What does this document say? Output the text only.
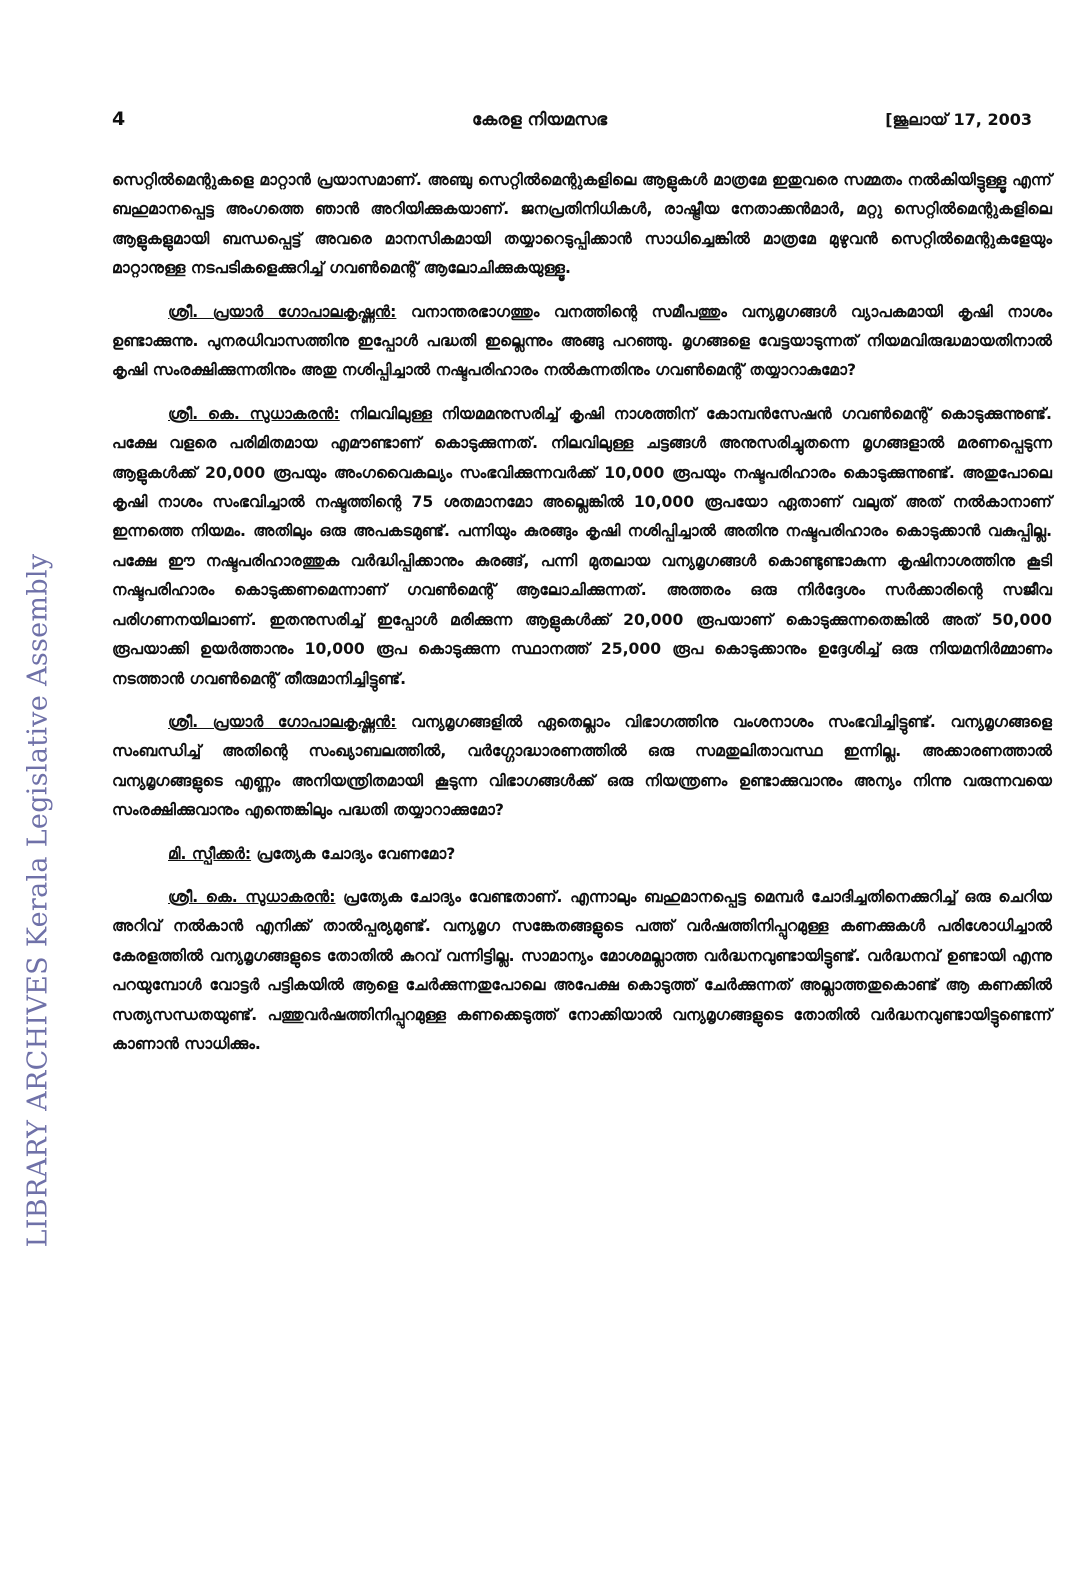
LIBRARY ARCHIVES Kerala Legislative Assembly
4	കേരള നിയമസഭ	[ജൂലായ് 17, 2003

സെറ്റിൽമെന്റുകളെ മാറ്റാൻ പ്രയാസമാണ്. അഞ്ചു സെറ്റിൽമെന്റുകളിലെ ആളുകൾ മാത്രമേ ഇതുവരെ സമ്മതം നൽകിയിട്ടുള്ളൂ എന്ന് ബഹുമാനപ്പെട്ട അംഗത്തെ ഞാൻ അറിയിക്കുകയാണ്. ജനപ്രതിനിധികൾ, രാഷ്ട്രീയ നേതാക്കൻമാർ, മറ്റു സെറ്റിൽമെന്റുകളിലെ ആളുകളുമായി ബന്ധപ്പെട്ട് അവരെ മാനസികമായി തയ്യാറെടുപ്പിക്കാൻ സാധിച്ചെങ്കിൽ മാത്രമേ മുഴുവൻ സെറ്റിൽമെന്റുകളേയും മാറ്റാനുള്ള നടപടികളെക്കുറിച്ച് ഗവൺമെന്റ് ആലോചിക്കുകയുള്ളൂ.

ശ്രീ. പ്രയാർ ഗോപാലകൃഷ്ണൻ: വനാന്തരഭാഗത്തും വനത്തിന്റെ സമീപത്തും വന്യമൃഗങ്ങൾ വ്യാപകമായി കൃഷി നാശം ഉണ്ടാക്കുന്നു. പുനരധിവാസത്തിനു ഇപ്പോൾ പദ്ധതി ഇല്ലെന്നും അങ്ങു പറഞ്ഞു. മൃഗങ്ങളെ വേട്ടയാടുന്നത് നിയമവിരുദ്ധമായതിനാൽ കൃഷി സംരക്ഷിക്കുന്നതിനും അതു നശിപ്പിച്ചാൽ നഷ്ടപരിഹാരം നൽകുന്നതിനും ഗവൺമെന്റ് തയ്യാറാകുമോ?

ശ്രീ. കെ. സുധാകരൻ: നിലവിലുള്ള നിയമമനുസരിച്ച് കൃഷി നാശത്തിന് കോമ്പൻസേഷൻ ഗവൺമെന്റ് കൊടുക്കുന്നുണ്ട്. പക്ഷേ വളരെ പരിമിതമായ എമൗണ്ടാണ് കൊടുക്കുന്നത്. നിലവിലുള്ള ചട്ടങ്ങൾ അനുസരിച്ചുതന്നെ മൃഗങ്ങളാൽ മരണപ്പെടുന്ന ആളുകൾക്ക് 20,000 രൂപയും അംഗവൈകല്യം സംഭവിക്കുന്നവർക്ക് 10,000 രൂപയും നഷ്ടപരിഹാരം കൊടുക്കുന്നുണ്ട്. അതുപോലെ കൃഷി നാശം സംഭവിച്ചാൽ നഷ്ടത്തിന്റെ 75 ശതമാനമോ അല്ലെങ്കിൽ 10,000 രൂപയോ ഏതാണ് വലുത് അത് നൽകാനാണ് ഇന്നത്തെ നിയമം. അതിലും ഒരു അപകടമുണ്ട്. പന്നിയും കുരങ്ങും കൃഷി നശിപ്പിച്ചാൽ അതിനു നഷ്ടപരിഹാരം കൊടുക്കാൻ വകുപ്പില്ല. പക്ഷേ ഈ നഷ്ടപരിഹാരത്തുക വർദ്ധിപ്പിക്കാനും കുരങ്ങ്, പന്നി മുതലായ വന്യമൃഗങ്ങൾ കൊണ്ടുണ്ടാകുന്ന കൃഷിനാശത്തിനു കൂടി നഷ്ടപരിഹാരം കൊടുക്കണമെന്നാണ് ഗവൺമെന്റ് ആലോചിക്കുന്നത്. അത്തരം ഒരു നിർദ്ദേശം സർക്കാരിന്റെ സജീവ പരിഗണനയിലാണ്. ഇതനുസരിച്ച് ഇപ്പോൾ മരിക്കുന്ന ആളുകൾക്ക് 20,000 രൂപയാണ് കൊടുക്കുന്നതെങ്കിൽ അത് 50,000 രൂപയാക്കി ഉയർത്താനും 10,000 രൂപ കൊടുക്കുന്ന സ്ഥാനത്ത് 25,000 രൂപ കൊടുക്കാനും ഉദ്ദേശിച്ച് ഒരു നിയമനിർമ്മാണം നടത്താൻ ഗവൺമെന്റ് തീരുമാനിച്ചിട്ടുണ്ട്.

ശ്രീ. പ്രയാർ ഗോപാലകൃഷ്ണൻ: വന്യമൃഗങ്ങളിൽ ഏതെല്ലാം വിഭാഗത്തിനു വംശനാശം സംഭവിച്ചിട്ടുണ്ട്. വന്യമൃഗങ്ങളെ സംബന്ധിച്ച് അതിന്റെ സംഖ്യാബലത്തിൽ, വർഗ്ഗോദ്ധാരണത്തിൽ ഒരു സമതുലിതാവസ്ഥ ഇന്നില്ല. അക്കാരണത്താൽ വന്യമൃഗങ്ങളുടെ എണ്ണം അനിയന്ത്രിതമായി കൂടുന്ന വിഭാഗങ്ങൾക്ക് ഒരു നിയന്ത്രണം ഉണ്ടാക്കുവാനും അന്യം നിന്നു വരുന്നവയെ സംരക്ഷിക്കുവാനും എന്തെങ്കിലും പദ്ധതി തയ്യാറാക്കുമോ?

മി. സ്പീക്കർ: പ്രത്യേക ചോദ്യം വേണമോ?

ശ്രീ. കെ. സുധാകരൻ: പ്രത്യേക ചോദ്യം വേണ്ടതാണ്. എന്നാലും ബഹുമാനപ്പെട്ട മെമ്പർ ചോദിച്ചതിനെക്കുറിച്ച് ഒരു ചെറിയ അറിവ് നൽകാൻ എനിക്ക് താൽപ്പര്യമുണ്ട്. വന്യമൃഗ സങ്കേതങ്ങളുടെ പത്ത് വർഷത്തിനിപ്പുറമുള്ള കണക്കുകൾ പരിശോധിച്ചാൽ കേരളത്തിൽ വന്യമൃഗങ്ങളുടെ തോതിൽ കുറവ് വന്നിട്ടില്ല. സാമാന്യം മോശമല്ലാത്ത വർദ്ധനവുണ്ടായിട്ടുണ്ട്. വർദ്ധനവ് ഉണ്ടായി എന്നു പറയുമ്പോൾ വോട്ടർ പട്ടികയിൽ ആളെ ചേർക്കുന്നതുപോലെ അപേക്ഷ കൊടുത്ത് ചേർക്കുന്നത് അല്ലാത്തതുകൊണ്ട് ആ കണക്കിൽ സത്യസന്ധതയുണ്ട്. പത്തുവർഷത്തിനിപ്പുറമുള്ള കണക്കെടുത്ത് നോക്കിയാൽ വന്യമൃഗങ്ങളുടെ തോതിൽ വർദ്ധനവുണ്ടായിട്ടുണ്ടെന്ന് കാണാൻ സാധിക്കും.
